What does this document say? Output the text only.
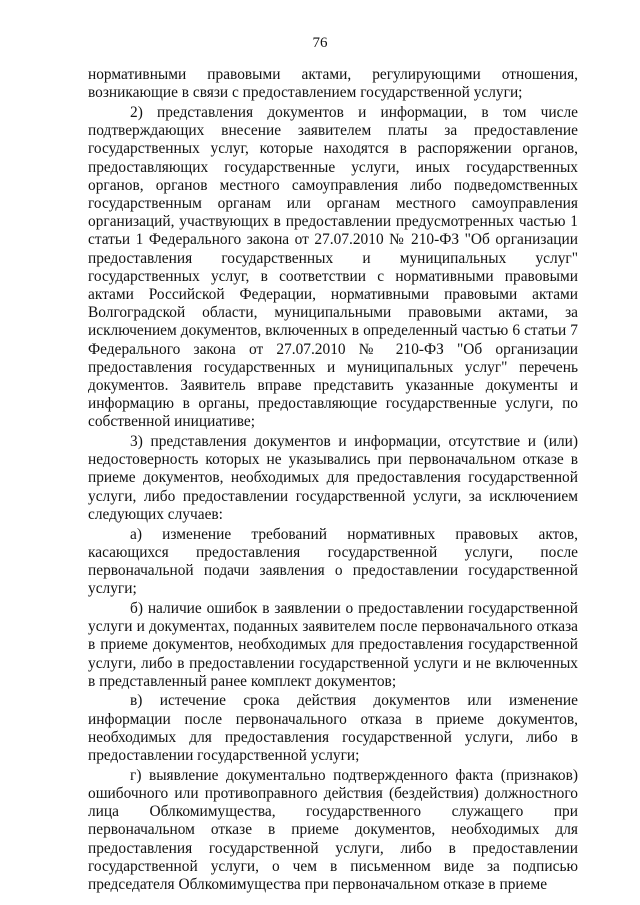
76

нормативными правовыми актами, регулирующими отношения, возникающие в связи с предоставлением государственной услуги;

2) представления документов и информации, в том числе подтверждающих внесение заявителем платы за предоставление государственных услуг, которые находятся в распоряжении органов, предоставляющих государственные услуги, иных государственных органов, органов местного самоуправления либо подведомственных государственным органам или органам местного самоуправления организаций, участвующих в предоставлении предусмотренных частью 1 статьи 1 Федерального закона от 27.07.2010 № 210-ФЗ "Об организации предоставления государственных и муниципальных услуг" государственных услуг, в соответствии с нормативными правовыми актами Российской Федерации, нормативными правовыми актами Волгоградской области, муниципальными правовыми актами, за исключением документов, включенных в определенный частью 6 статьи 7 Федерального закона от 27.07.2010 № 210-ФЗ "Об организации предоставления государственных и муниципальных услуг" перечень документов. Заявитель вправе представить указанные документы и информацию в органы, предоставляющие государственные услуги, по собственной инициативе;

3) представления документов и информации, отсутствие и (или) недостоверность которых не указывались при первоначальном отказе в приеме документов, необходимых для предоставления государственной услуги, либо предоставлении государственной услуги, за исключением следующих случаев:

а) изменение требований нормативных правовых актов, касающихся предоставления государственной услуги, после первоначальной подачи заявления о предоставлении государственной услуги;

б) наличие ошибок в заявлении о предоставлении государственной услуги и документах, поданных заявителем после первоначального отказа в приеме документов, необходимых для предоставления государственной услуги, либо в предоставлении государственной услуги и не включенных в представленный ранее комплект документов;

в) истечение срока действия документов или изменение информации после первоначального отказа в приеме документов, необходимых для предоставления государственной услуги, либо в предоставлении государственной услуги;

г) выявление документально подтвержденного факта (признаков) ошибочного или противоправного действия (бездействия) должностного лица Облкомимущества, государственного служащего при первоначальном отказе в приеме документов, необходимых для предоставления государственной услуги, либо в предоставлении государственной услуги, о чем в письменном виде за подписью председателя Облкомимущества при первоначальном отказе в приеме
